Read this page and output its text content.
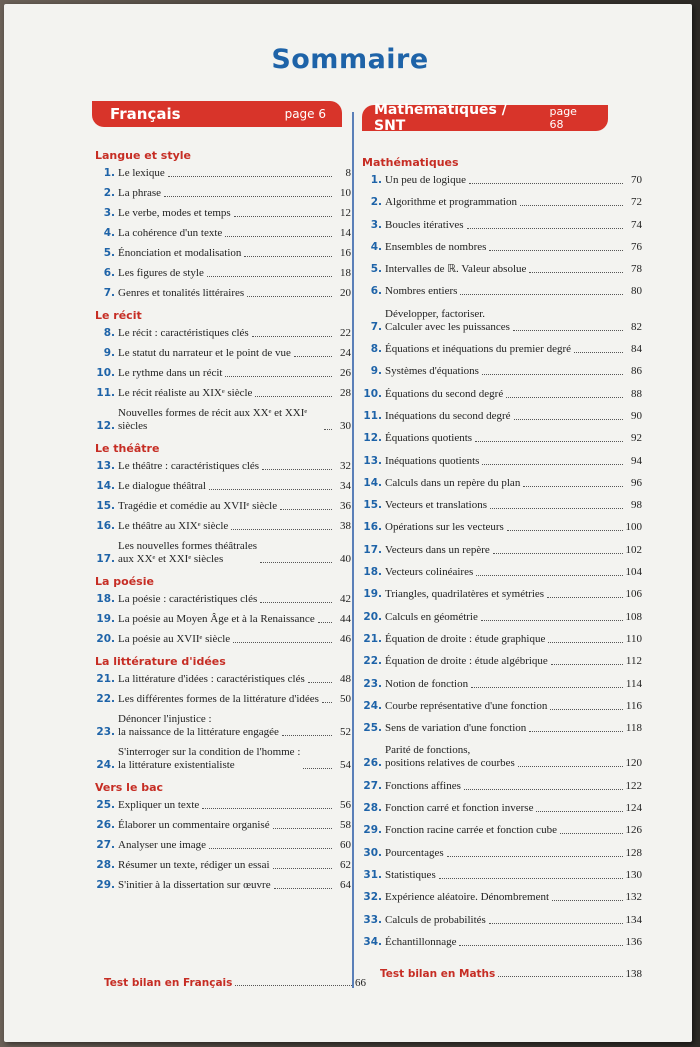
Sommaire
Français	page 6	Mathématiques / SNT
page 68
Langue et style
1. Le lexique	8
2. La phrase	10
3. Le verbe, modes et temps	12
4. La cohérence d'un texte	14
5. Énonciation et modalisation	16
6. Les figures de style	18
7. Genres et tonalités littéraires	20
Le récit
8. Le récit : caractéristiques clés	22
9. Le statut du narrateur et le point de vue	24
10. Le rythme dans un récit	26
11. Le récit réaliste au XIXᵉ siècle	28
12.
Nouvelles formes de récit aux XXᵉ et XXIᵉ siècles	30
Le théâtre
13. Le théâtre : caractéristiques clés	32
14. Le dialogue théâtral	34
15. Tragédie et comédie au XVIIᵉ siècle	36
16. Le théâtre au XIXᵉ siècle	38
17.
Les nouvelles formes théâtrales
aux XXᵉ et XXIᵉ siècles	40
La poésie
18. La poésie : caractéristiques clés	42
19. La poésie au Moyen Âge et à la Renaissance	44
20. La poésie au XVIIᵉ siècle	46
La littérature d'idées
21. La littérature d'idées : caractéristiques clés	48
22. Les différentes formes de la littérature d'idées	50
23.
Dénoncer l'injustice :
la naissance de la littérature engagée	52
24.
S'interroger sur la condition de l'homme :
la littérature existentialiste	54
Vers le bac
25. Expliquer un texte	56
26. Élaborer un commentaire organisé	58
27. Analyser une image	60
28. Résumer un texte, rédiger un essai	62
29. S'initier à la dissertation sur œuvre	64
Mathématiques
1. Un peu de logique	70
2. Algorithme et programmation	72
3. Boucles itératives	74
4. Ensembles de nombres	76
5. Intervalles de ℝ. Valeur absolue	78
6. Nombres entiers	80
7.
Développer, factoriser.
Calculer avec les puissances	82
8. Équations et inéquations du premier degré	84
9. Systèmes d'équations	86
10. Équations du second degré	88
11. Inéquations du second degré	90
12. Équations quotients	92
13. Inéquations quotients	94
14. Calculs dans un repère du plan	96
15. Vecteurs et translations	98
16. Opérations sur les vecteurs	100
17. Vecteurs dans un repère	102
18. Vecteurs colinéaires	104
19. Triangles, quadrilatères et symétries	106
20. Calculs en géométrie	108
21. Équation de droite : étude graphique	110
22. Équation de droite : étude algébrique	112
23. Notion de fonction	114
24. Courbe représentative d'une fonction	116
25. Sens de variation d'une fonction	118
26.
Parité de fonctions,
positions relatives de courbes	120
27. Fonctions affines	122
28. Fonction carré et fonction inverse	124
29. Fonction racine carrée et fonction cube	126
30. Pourcentages	128
31. Statistiques	130
32. Expérience aléatoire. Dénombrement	132
33. Calculs de probabilités	134
34. Échantillonnage	136
Test bilan en Français	66
Test bilan en Maths	138
